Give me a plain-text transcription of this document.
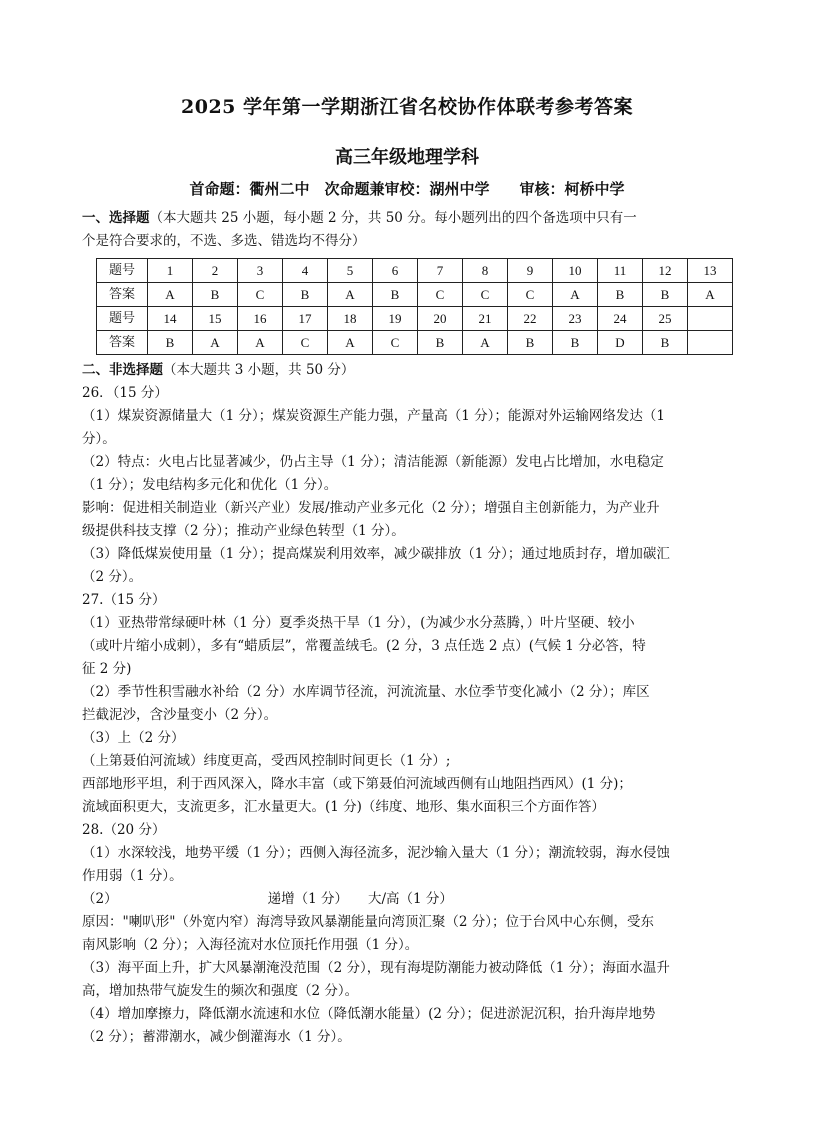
2025 学年第一学期浙江省名校协作体联考参考答案
高三年级地理学科
首命题：衢州二中　次命题兼审校：湖州中学　　审核：柯桥中学

一、选择题（本大题共 25 小题，每小题 2 分，共 50 分。每小题列出的四个备选项中只有一

个是符合要求的，不选、多选、错选均不得分）

题号	1	2	3	4	5	6	7	8	9	10	11	12	13
答案	A	B	C	B	A	B	C	C	C	A	B	B	A
题号	14	15	16	17	18	19	20	21	22	23	24	25	
答案	B	A	A	C	A	C	B	A	B	B	D	B	

二、非选择题（本大题共 3 小题，共 50 分）

26．（15 分）

（1）煤炭资源储量大（1 分）；煤炭资源生产能力强，产量高（1 分）；能源对外运输网络发达（1

分）。

（2）特点：火电占比显著减少，仍占主导（1 分）；清洁能源（新能源）发电占比增加，水电稳定

（1 分）；发电结构多元化和优化（1 分）。

影响：促进相关制造业（新兴产业）发展/推动产业多元化（2 分）；增强自主创新能力，为产业升

级提供科技支撑（2 分）；推动产业绿色转型（1 分）。

（3）降低煤炭使用量（1 分）；提高煤炭利用效率，减少碳排放（1 分）；通过地质封存，增加碳汇

（2 分）。

27.（15 分）

（1）亚热带常绿硬叶林（1 分）夏季炎热干旱（1 分），(为减少水分蒸腾，）叶片坚硬、较小

（或叶片缩小成刺），多有“蜡质层”，常覆盖绒毛。(2 分，3 点任选 2 点）(气候 1 分必答，特

征 2 分)

（2）季节性积雪融水补给（2 分）水库调节径流，河流流量、水位季节变化减小（2 分）；库区

拦截泥沙，含沙量变小（2 分）。

（3）上（2 分）

（上第聂伯河流域）纬度更高，受西风控制时间更长（1 分）;

西部地形平坦，利于西风深入，降水丰富（或下第聂伯河流域西侧有山地阻挡西风）(1 分)；

流域面积更大，支流更多，汇水量更大。(1 分)（纬度、地形、集水面积三个方面作答）

28.（20 分）

（1）水深较浅，地势平缓（1 分）；西侧入海径流多，泥沙输入量大（1 分）；潮流较弱，海水侵蚀

作用弱（1 分）。

（2）	递增（1 分） 大/高（1 分）

原因："喇叭形"（外宽内窄）海湾导致风暴潮能量向湾顶汇聚（2 分）；位于台风中心东侧，受东

南风影响（2 分）；入海径流对水位顶托作用强（1 分）。

（3）海平面上升，扩大风暴潮淹没范围（2 分），现有海堤防潮能力被动降低（1 分）；海面水温升

高，增加热带气旋发生的频次和强度（2 分）。

（4）增加摩擦力，降低潮水流速和水位（降低潮水能量）(2 分）；促进淤泥沉积，抬升海岸地势

（2 分）；蓄滞潮水，减少倒灌海水（1 分）。
